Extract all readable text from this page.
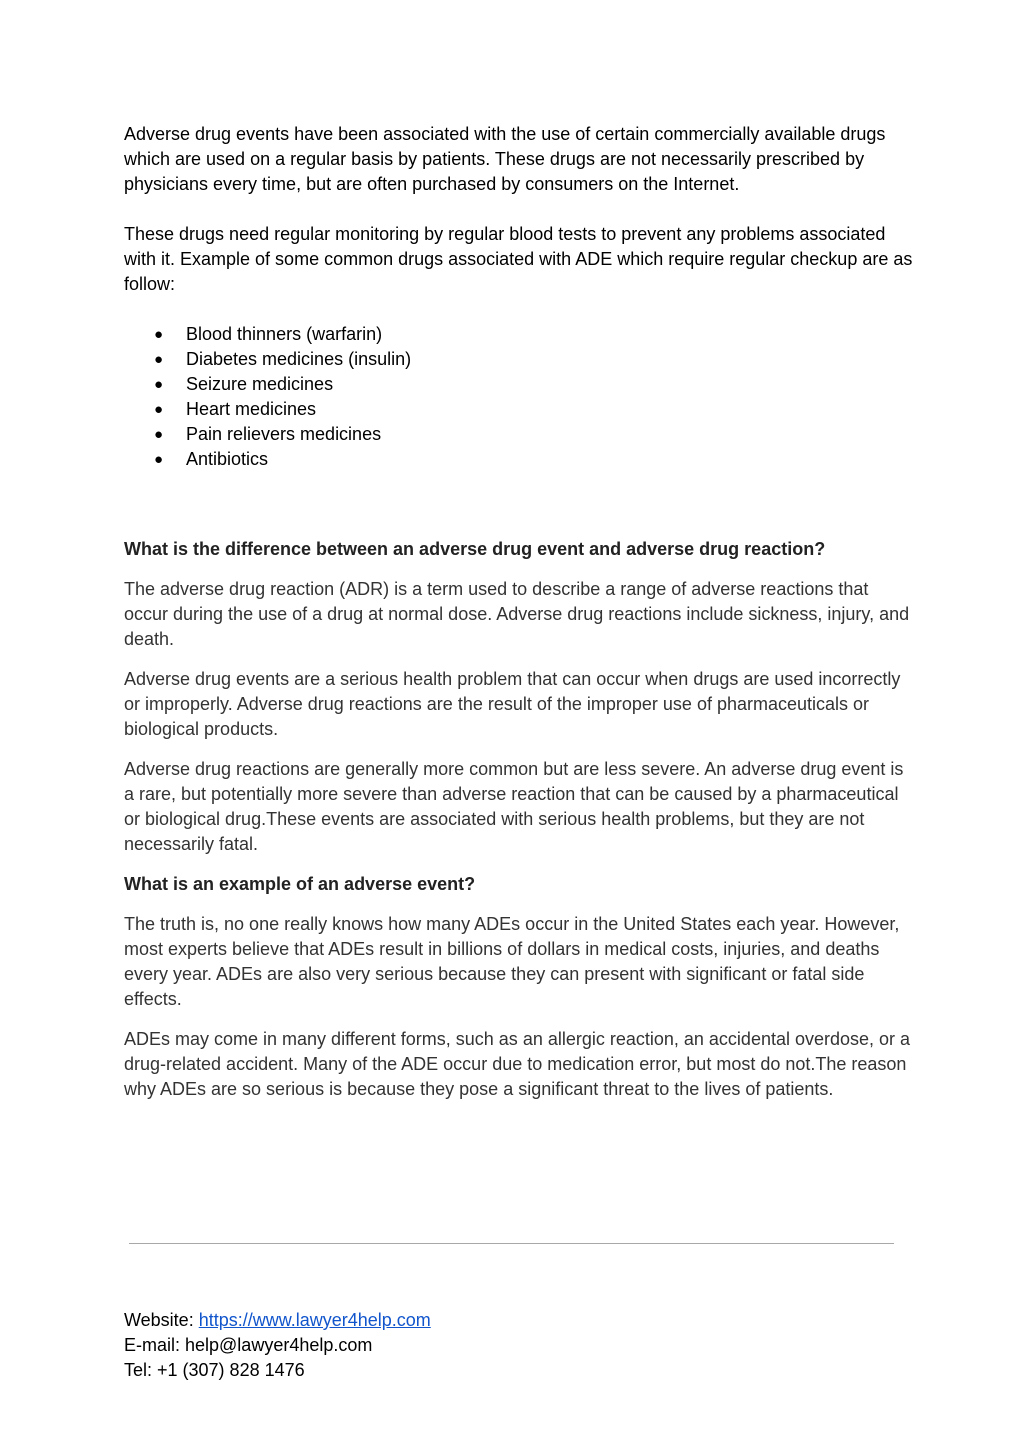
Adverse drug events have been associated with the use of certain commercially available drugs which are used on a regular basis by patients. These drugs are not necessarily prescribed by physicians every time, but are often purchased by consumers on the Internet.

These drugs need regular monitoring by regular blood tests to prevent any problems associated with it. Example of some common drugs associated with ADE which require regular checkup are as follow:

● Blood thinners (warfarin)
● Diabetes medicines (insulin)
● Seizure medicines
● Heart medicines
● Pain relievers medicines
● Antibiotics
What is the difference between an adverse drug event and adverse drug reaction?

The adverse drug reaction (ADR) is a term used to describe a range of adverse reactions that occur during the use of a drug at normal dose. Adverse drug reactions include sickness, injury, and death.

Adverse drug events are a serious health problem that can occur when drugs are used incorrectly or improperly. Adverse drug reactions are the result of the improper use of pharmaceuticals or biological products.

Adverse drug reactions are generally more common but are less severe. An adverse drug event is a rare, but potentially more severe than adverse reaction that can be caused by a pharmaceutical or biological drug.These events are associated with serious health problems, but they are not necessarily fatal.

What is an example of an adverse event?

The truth is, no one really knows how many ADEs occur in the United States each year. However, most experts believe that ADEs result in billions of dollars in medical costs, injuries, and deaths every year. ADEs are also very serious because they can present with significant or fatal side effects.

ADEs may come in many different forms, such as an allergic reaction, an accidental overdose, or a drug-related accident. Many of the ADE occur due to medication error, but most do not.The reason why ADEs are so serious is because they pose a significant threat to the lives of patients.

Website: https://www.lawyer4help.com
E-mail: help@lawyer4help.com
Tel: +1 (307) 828 1476
